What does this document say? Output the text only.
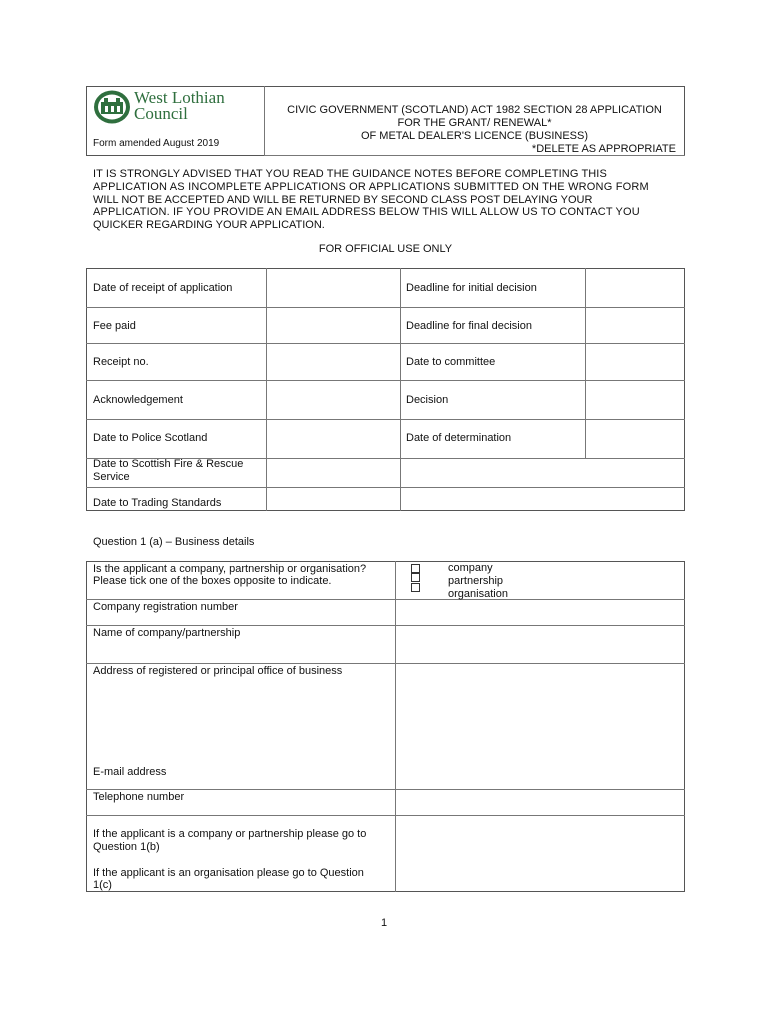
West Lothian
Council
Form amended August 2019
CIVIC GOVERNMENT (SCOTLAND) ACT 1982 SECTION 28 APPLICATION
FOR THE GRANT/ RENEWAL*
OF METAL DEALER'S LICENCE (BUSINESS)
*DELETE AS APPROPRIATE
IT IS STRONGLY ADVISED THAT YOU READ THE GUIDANCE NOTES BEFORE COMPLETING THIS
APPLICATION AS INCOMPLETE APPLICATIONS OR APPLICATIONS SUBMITTED ON THE WRONG FORM
WILL NOT BE ACCEPTED AND WILL BE RETURNED BY SECOND CLASS POST DELAYING YOUR
APPLICATION. IF YOU PROVIDE AN EMAIL ADDRESS BELOW THIS WILL ALLOW US TO CONTACT YOU
QUICKER REGARDING YOUR APPLICATION.
FOR OFFICIAL USE ONLY
Date of receipt of application	Deadline for initial decision
Fee paid	Deadline for final decision
Receipt no.	Date to committee
Acknowledgement	Decision
Date to Police Scotland	Date of determination
Date to Scottish Fire & Rescue
Service
Date to Trading Standards
Question 1 (a) – Business details
Is the applicant a company, partnership or organisation?
Please tick one of the boxes opposite to indicate.
company
partnership
organisation
Company registration number
Name of company/partnership
Address of registered or principal office of business
E-mail address
Telephone number
If the applicant is a company or partnership please go to
Question 1(b)
If the applicant is an organisation please go to Question
1(c)
1
